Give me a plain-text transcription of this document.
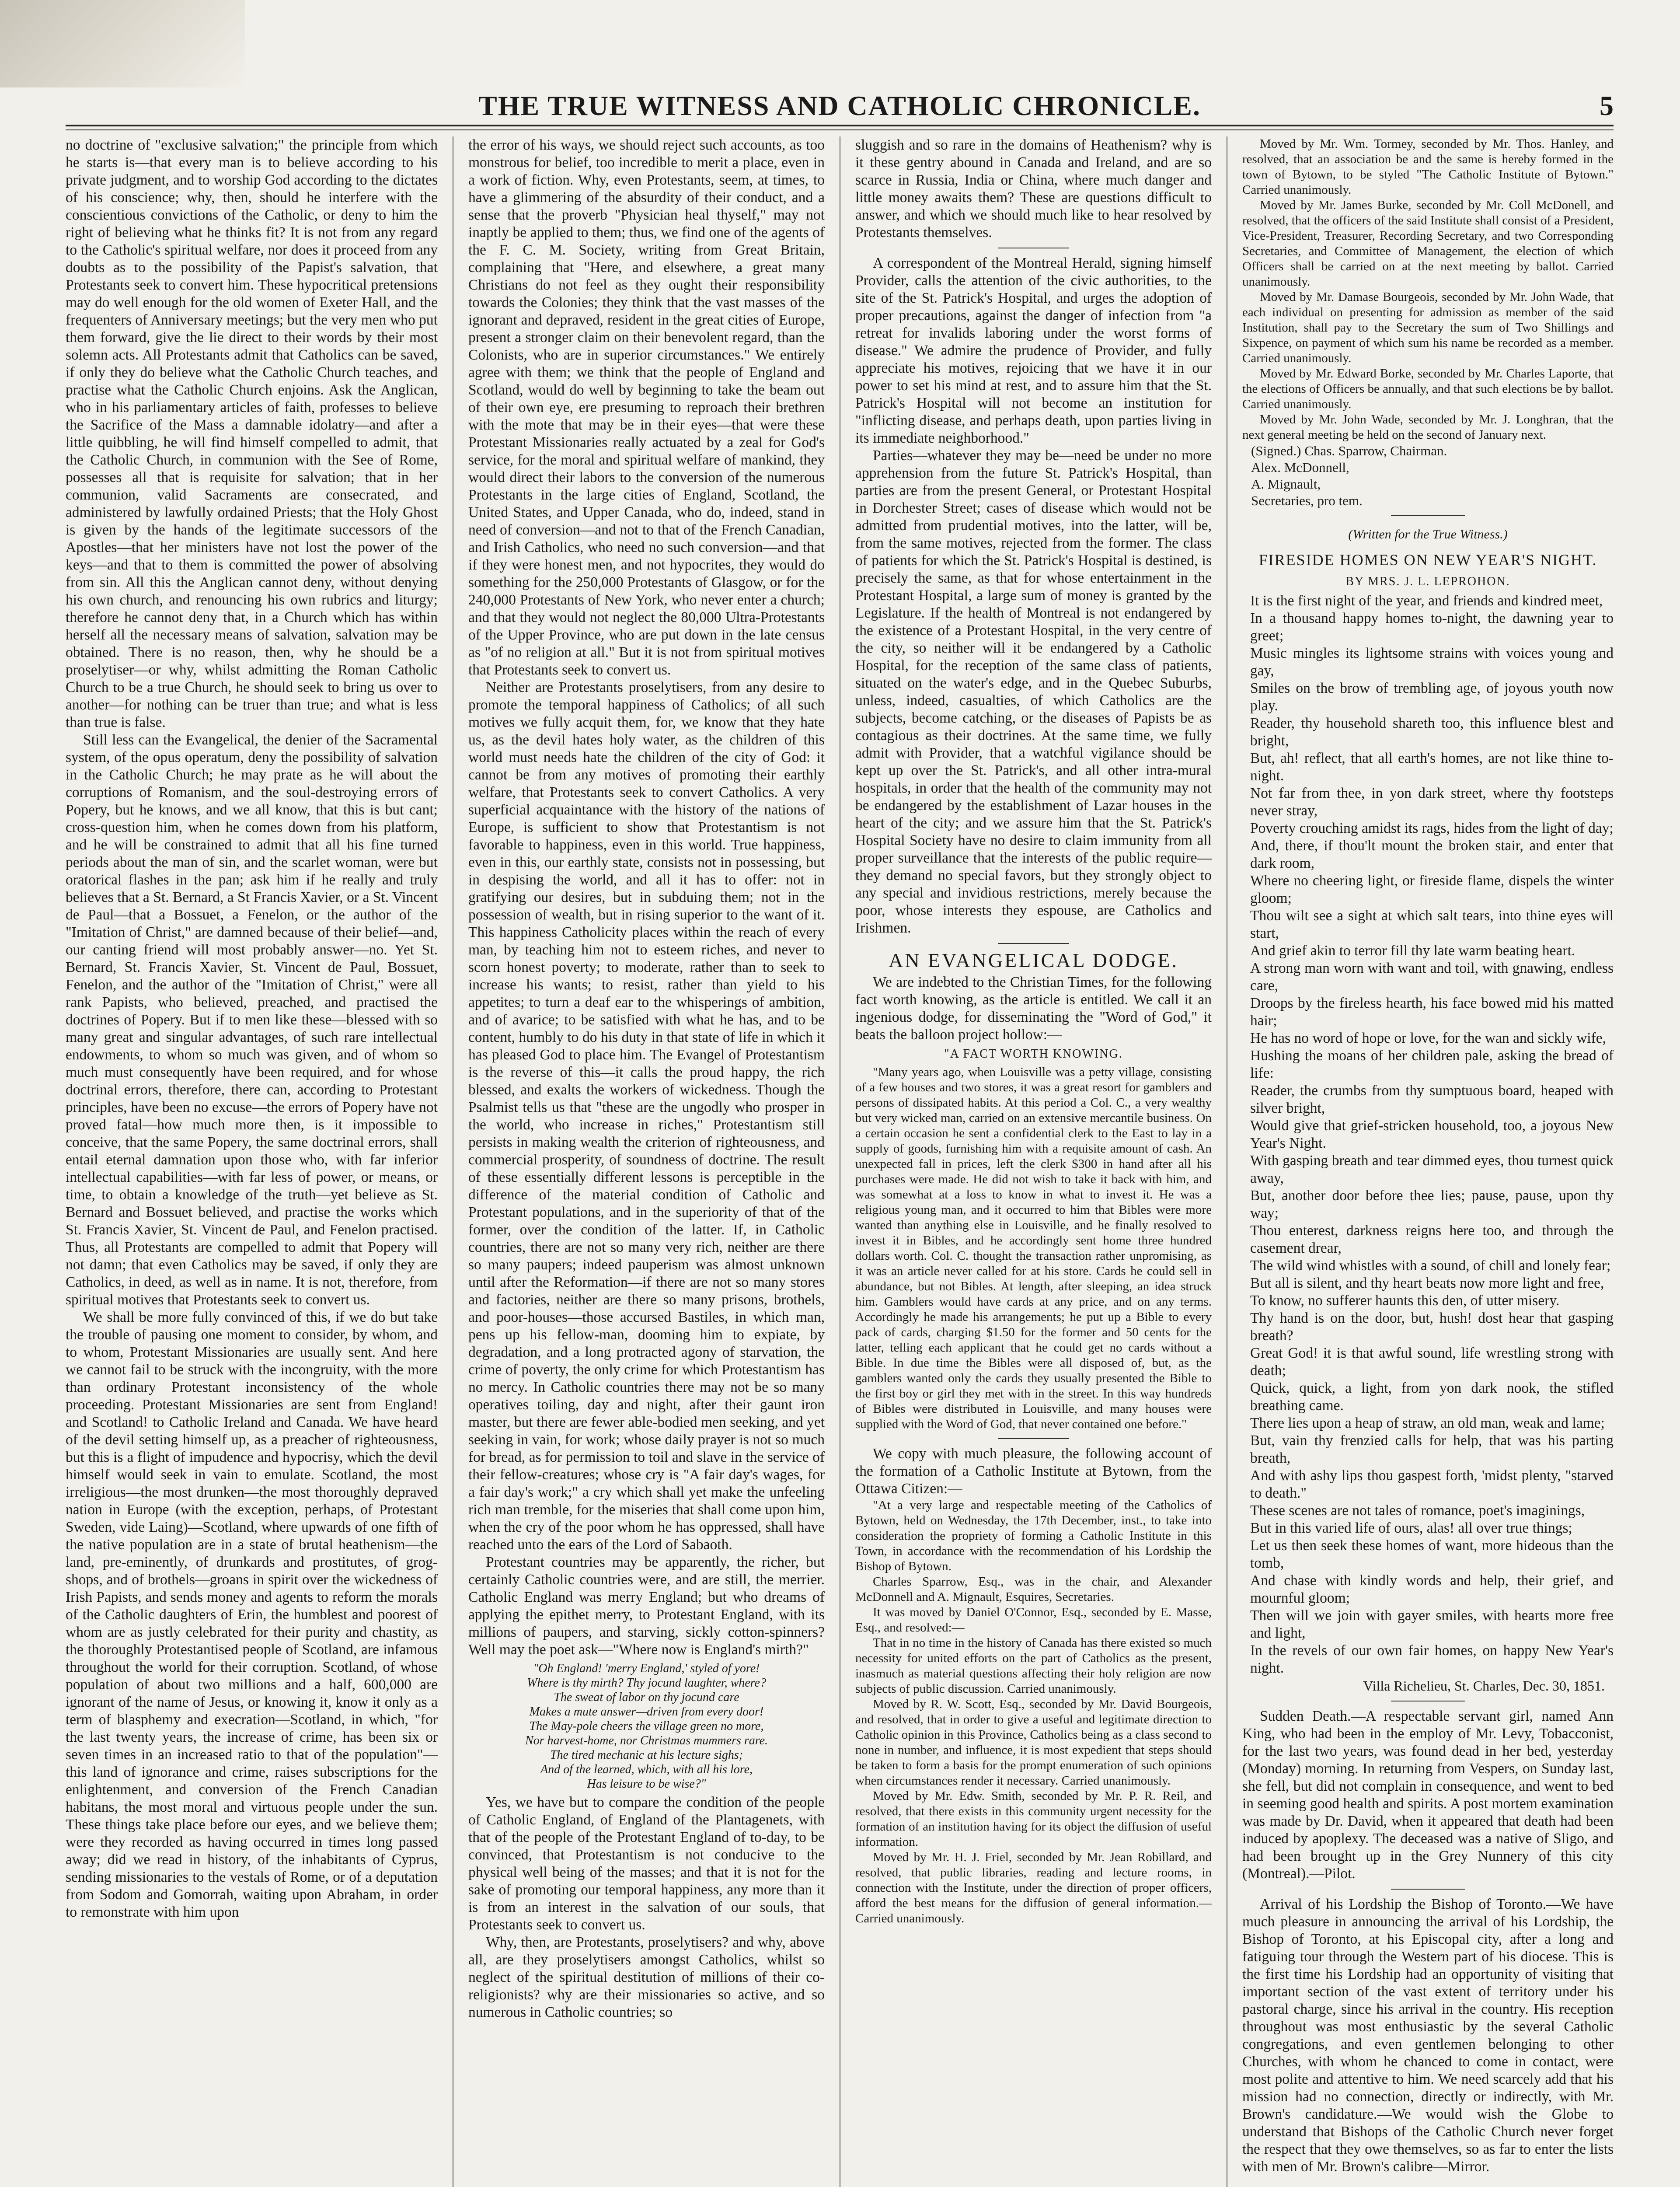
THE TRUE WITNESS AND CATHOLIC CHRONICLE.	5

no doctrine of "exclusive salvation;" the principle from which he starts is—that every man is to believe according to his private judgment, and to worship God according to the dictates of his conscience; why, then, should he interfere with the conscientious convictions of the Catholic, or deny to him the right of believing what he thinks fit? It is not from any regard to the Catholic's spiritual welfare, nor does it proceed from any doubts as to the possibility of the Papist's salvation, that Protestants seek to convert him. These hypocritical pretensions may do well enough for the old women of Exeter Hall, and the frequenters of Anniversary meetings; but the very men who put them forward, give the lie direct to their words by their most solemn acts. All Protestants admit that Catholics can be saved, if only they do believe what the Catholic Church teaches, and practise what the Catholic Church enjoins. Ask the Anglican, who in his parliamentary articles of faith, professes to believe the Sacrifice of the Mass a damnable idolatry—and after a little quibbling, he will find himself compelled to admit, that the Catholic Church, in communion with the See of Rome, possesses all that is requisite for salvation; that in her communion, valid Sacraments are consecrated, and administered by lawfully ordained Priests; that the Holy Ghost is given by the hands of the legitimate successors of the Apostles—that her ministers have not lost the power of the keys—and that to them is committed the power of absolving from sin. All this the Anglican cannot deny, without denying his own church, and renouncing his own rubrics and liturgy; therefore he cannot deny that, in a Church which has within herself all the necessary means of salvation, salvation may be obtained. There is no reason, then, why he should be a proselytiser—or why, whilst admitting the Roman Catholic Church to be a true Church, he should seek to bring us over to another—for nothing can be truer than true; and what is less than true is false.

Still less can the Evangelical, the denier of the Sacramental system, of the opus operatum, deny the possibility of salvation in the Catholic Church; he may prate as he will about the corruptions of Romanism, and the soul-destroying errors of Popery, but he knows, and we all know, that this is but cant; cross-question him, when he comes down from his platform, and he will be constrained to admit that all his fine turned periods about the man of sin, and the scarlet woman, were but oratorical flashes in the pan; ask him if he really and truly believes that a St. Bernard, a St Francis Xavier, or a St. Vincent de Paul—that a Bossuet, a Fenelon, or the author of the "Imitation of Christ," are damned because of their belief—and, our canting friend will most probably answer—no. Yet St. Bernard, St. Francis Xavier, St. Vincent de Paul, Bossuet, Fenelon, and the author of the "Imitation of Christ," were all rank Papists, who believed, preached, and practised the doctrines of Popery. But if to men like these—blessed with so many great and singular advantages, of such rare intellectual endowments, to whom so much was given, and of whom so much must consequently have been required, and for whose doctrinal errors, therefore, there can, according to Protestant principles, have been no excuse—the errors of Popery have not proved fatal—how much more then, is it impossible to conceive, that the same Popery, the same doctrinal errors, shall entail eternal damnation upon those who, with far inferior intellectual capabilities—with far less of power, or means, or time, to obtain a knowledge of the truth—yet believe as St. Bernard and Bossuet believed, and practise the works which St. Francis Xavier, St. Vincent de Paul, and Fenelon practised. Thus, all Protestants are compelled to admit that Popery will not damn; that even Catholics may be saved, if only they are Catholics, in deed, as well as in name. It is not, therefore, from spiritual motives that Protestants seek to convert us.

We shall be more fully convinced of this, if we do but take the trouble of pausing one moment to consider, by whom, and to whom, Protestant Missionaries are usually sent. And here we cannot fail to be struck with the incongruity, with the more than ordinary Protestant inconsistency of the whole proceeding. Protestant Missionaries are sent from England! and Scotland! to Catholic Ireland and Canada. We have heard of the devil setting himself up, as a preacher of righteousness, but this is a flight of impudence and hypocrisy, which the devil himself would seek in vain to emulate. Scotland, the most irreligious—the most drunken—the most thoroughly depraved nation in Europe (with the exception, perhaps, of Protestant Sweden, vide Laing)—Scotland, where upwards of one fifth of the native population are in a state of brutal heathenism—the land, pre-eminently, of drunkards and prostitutes, of grog-shops, and of brothels—groans in spirit over the wickedness of Irish Papists, and sends money and agents to reform the morals of the Catholic daughters of Erin, the humblest and poorest of whom are as justly celebrated for their purity and chastity, as the thoroughly Protestantised people of Scotland, are infamous throughout the world for their corruption. Scotland, of whose population of about two millions and a half, 600,000 are ignorant of the name of Jesus, or knowing it, know it only as a term of blasphemy and execration—Scotland, in which, "for the last twenty years, the increase of crime, has been six or seven times in an increased ratio to that of the population"—this land of ignorance and crime, raises subscriptions for the enlightenment, and conversion of the French Canadian habitans, the most moral and virtuous people under the sun. These things take place before our eyes, and we believe them; were they recorded as having occurred in times long passed away; did we read in history, of the inhabitants of Cyprus, sending missionaries to the vestals of Rome, or of a deputation from Sodom and Gomorrah, waiting upon Abraham, in order to remonstrate with him upon

the error of his ways, we should reject such accounts, as too monstrous for belief, too incredible to merit a place, even in a work of fiction. Why, even Protestants, seem, at times, to have a glimmering of the absurdity of their conduct, and a sense that the proverb "Physician heal thyself," may not inaptly be applied to them; thus, we find one of the agents of the F. C. M. Society, writing from Great Britain, complaining that "Here, and elsewhere, a great many Christians do not feel as they ought their responsibility towards the Colonies; they think that the vast masses of the ignorant and depraved, resident in the great cities of Europe, present a stronger claim on their benevolent regard, than the Colonists, who are in superior circumstances." We entirely agree with them; we think that the people of England and Scotland, would do well by beginning to take the beam out of their own eye, ere presuming to reproach their brethren with the mote that may be in their eyes—that were these Protestant Missionaries really actuated by a zeal for God's service, for the moral and spiritual welfare of mankind, they would direct their labors to the conversion of the numerous Protestants in the large cities of England, Scotland, the United States, and Upper Canada, who do, indeed, stand in need of conversion—and not to that of the French Canadian, and Irish Catholics, who need no such conversion—and that if they were honest men, and not hypocrites, they would do something for the 250,000 Protestants of Glasgow, or for the 240,000 Protestants of New York, who never enter a church; and that they would not neglect the 80,000 Ultra-Protestants of the Upper Province, who are put down in the late census as "of no religion at all." But it is not from spiritual motives that Protestants seek to convert us.

Neither are Protestants proselytisers, from any desire to promote the temporal happiness of Catholics; of all such motives we fully acquit them, for, we know that they hate us, as the devil hates holy water, as the children of this world must needs hate the children of the city of God: it cannot be from any motives of promoting their earthly welfare, that Protestants seek to convert Catholics. A very superficial acquaintance with the history of the nations of Europe, is sufficient to show that Protestantism is not favorable to happiness, even in this world. True happiness, even in this, our earthly state, consists not in possessing, but in despising the world, and all it has to offer: not in gratifying our desires, but in subduing them; not in the possession of wealth, but in rising superior to the want of it. This happiness Catholicity places within the reach of every man, by teaching him not to esteem riches, and never to scorn honest poverty; to moderate, rather than to seek to increase his wants; to resist, rather than yield to his appetites; to turn a deaf ear to the whisperings of ambition, and of avarice; to be satisfied with what he has, and to be content, humbly to do his duty in that state of life in which it has pleased God to place him. The Evangel of Protestantism is the reverse of this—it calls the proud happy, the rich blessed, and exalts the workers of wickedness. Though the Psalmist tells us that "these are the ungodly who prosper in the world, who increase in riches," Protestantism still persists in making wealth the criterion of righteousness, and commercial prosperity, of soundness of doctrine. The result of these essentially different lessons is perceptible in the difference of the material condition of Catholic and Protestant populations, and in the superiority of that of the former, over the condition of the latter. If, in Catholic countries, there are not so many very rich, neither are there so many paupers; indeed pauperism was almost unknown until after the Reformation—if there are not so many stores and factories, neither are there so many prisons, brothels, and poor-houses—those accursed Bastiles, in which man, pens up his fellow-man, dooming him to expiate, by degradation, and a long protracted agony of starvation, the crime of poverty, the only crime for which Protestantism has no mercy. In Catholic countries there may not be so many operatives toiling, day and night, after their gaunt iron master, but there are fewer able-bodied men seeking, and yet seeking in vain, for work; whose daily prayer is not so much for bread, as for permission to toil and slave in the service of their fellow-creatures; whose cry is "A fair day's wages, for a fair day's work;" a cry which shall yet make the unfeeling rich man tremble, for the miseries that shall come upon him, when the cry of the poor whom he has oppressed, shall have reached unto the ears of the Lord of Sabaoth.

Protestant countries may be apparently, the richer, but certainly Catholic countries were, and are still, the merrier. Catholic England was merry England; but who dreams of applying the epithet merry, to Protestant England, with its millions of paupers, and starving, sickly cotton-spinners? Well may the poet ask—"Where now is England's mirth?"

"Oh England! 'merry England,' styled of yore!
Where is thy mirth? Thy jocund laughter, where?
The sweat of labor on thy jocund care
Makes a mute answer—driven from every door!
The May-pole cheers the village green no more,
Nor harvest-home, nor Christmas mummers rare.
The tired mechanic at his lecture sighs;
And of the learned, which, with all his lore,
Has leisure to be wise?"

Yes, we have but to compare the condition of the people of Catholic England, of England of the Plantagenets, with that of the people of the Protestant England of to-day, to be convinced, that Protestantism is not conducive to the physical well being of the masses; and that it is not for the sake of promoting our temporal happiness, any more than it is from an interest in the salvation of our souls, that Protestants seek to convert us.

Why, then, are Protestants, proselytisers? and why, above all, are they proselytisers amongst Catholics, whilst so neglect of the spiritual destitution of millions of their co-religionists? why are their missionaries so active, and so numerous in Catholic countries; so

sluggish and so rare in the domains of Heathenism? why is it these gentry abound in Canada and Ireland, and are so scarce in Russia, India or China, where much danger and little money awaits them? These are questions difficult to answer, and which we should much like to hear resolved by Protestants themselves.

A correspondent of the Montreal Herald, signing himself Provider, calls the attention of the civic authorities, to the site of the St. Patrick's Hospital, and urges the adoption of proper precautions, against the danger of infection from "a retreat for invalids laboring under the worst forms of disease." We admire the prudence of Provider, and fully appreciate his motives, rejoicing that we have it in our power to set his mind at rest, and to assure him that the St. Patrick's Hospital will not become an institution for "inflicting disease, and perhaps death, upon parties living in its immediate neighborhood."

Parties—whatever they may be—need be under no more apprehension from the future St. Patrick's Hospital, than parties are from the present General, or Protestant Hospital in Dorchester Street; cases of disease which would not be admitted from prudential motives, into the latter, will be, from the same motives, rejected from the former. The class of patients for which the St. Patrick's Hospital is destined, is precisely the same, as that for whose entertainment in the Protestant Hospital, a large sum of money is granted by the Legislature. If the health of Montreal is not endangered by the existence of a Protestant Hospital, in the very centre of the city, so neither will it be endangered by a Catholic Hospital, for the reception of the same class of patients, situated on the water's edge, and in the Quebec Suburbs, unless, indeed, casualties, of which Catholics are the subjects, become catching, or the diseases of Papists be as contagious as their doctrines. At the same time, we fully admit with Provider, that a watchful vigilance should be kept up over the St. Patrick's, and all other intra-mural hospitals, in order that the health of the community may not be endangered by the establishment of Lazar houses in the heart of the city; and we assure him that the St. Patrick's Hospital Society have no desire to claim immunity from all proper surveillance that the interests of the public require—they demand no special favors, but they strongly object to any special and invidious restrictions, merely because the poor, whose interests they espouse, are Catholics and Irishmen.

AN EVANGELICAL DODGE.

We are indebted to the Christian Times, for the following fact worth knowing, as the article is entitled. We call it an ingenious dodge, for disseminating the "Word of God," it beats the balloon project hollow:—

"A FACT WORTH KNOWING.

"Many years ago, when Louisville was a petty village, consisting of a few houses and two stores, it was a great resort for gamblers and persons of dissipated habits. At this period a Col. C., a very wealthy but very wicked man, carried on an extensive mercantile business. On a certain occasion he sent a confidential clerk to the East to lay in a supply of goods, furnishing him with a requisite amount of cash. An unexpected fall in prices, left the clerk $300 in hand after all his purchases were made. He did not wish to take it back with him, and was somewhat at a loss to know in what to invest it. He was a religious young man, and it occurred to him that Bibles were more wanted than anything else in Louisville, and he finally resolved to invest it in Bibles, and he accordingly sent home three hundred dollars worth. Col. C. thought the transaction rather unpromising, as it was an article never called for at his store. Cards he could sell in abundance, but not Bibles. At length, after sleeping, an idea struck him. Gamblers would have cards at any price, and on any terms. Accordingly he made his arrangements; he put up a Bible to every pack of cards, charging $1.50 for the former and 50 cents for the latter, telling each applicant that he could get no cards without a Bible. In due time the Bibles were all disposed of, but, as the gamblers wanted only the cards they usually presented the Bible to the first boy or girl they met with in the street. In this way hundreds of Bibles were distributed in Louisville, and many houses were supplied with the Word of God, that never contained one before."

We copy with much pleasure, the following account of the formation of a Catholic Institute at Bytown, from the Ottawa Citizen:—

"At a very large and respectable meeting of the Catholics of Bytown, held on Wednesday, the 17th December, inst., to take into consideration the propriety of forming a Catholic Institute in this Town, in accordance with the recommendation of his Lordship the Bishop of Bytown.

Charles Sparrow, Esq., was in the chair, and Alexander McDonnell and A. Mignault, Esquires, Secretaries.

It was moved by Daniel O'Connor, Esq., seconded by E. Masse, Esq., and resolved:—

That in no time in the history of Canada has there existed so much necessity for united efforts on the part of Catholics as the present, inasmuch as material questions affecting their holy religion are now subjects of public discussion. Carried unanimously.

Moved by R. W. Scott, Esq., seconded by Mr. David Bourgeois, and resolved, that in order to give a useful and legitimate direction to Catholic opinion in this Province, Catholics being as a class second to none in number, and influence, it is most expedient that steps should be taken to form a basis for the prompt enumeration of such opinions when circumstances render it necessary. Carried unanimously.

Moved by Mr. Edw. Smith, seconded by Mr. P. R. Reil, and resolved, that there exists in this community urgent necessity for the formation of an institution having for its object the diffusion of useful information.

Moved by Mr. H. J. Friel, seconded by Mr. Jean Robillard, and resolved, that public libraries, reading and lecture rooms, in connection with the Institute, under the direction of proper officers, afford the best means for the diffusion of general information.—Carried unanimously.

Moved by Mr. Wm. Tormey, seconded by Mr. Thos. Hanley, and resolved, that an association be and the same is hereby formed in the town of Bytown, to be styled "The Catholic Institute of Bytown." Carried unanimously.

Moved by Mr. James Burke, seconded by Mr. Coll McDonell, and resolved, that the officers of the said Institute shall consist of a President, Vice-President, Treasurer, Recording Secretary, and two Corresponding Secretaries, and Committee of Management, the election of which Officers shall be carried on at the next meeting by ballot. Carried unanimously.

Moved by Mr. Damase Bourgeois, seconded by Mr. John Wade, that each individual on presenting for admission as member of the said Institution, shall pay to the Secretary the sum of Two Shillings and Sixpence, on payment of which sum his name be recorded as a member. Carried unanimously.

Moved by Mr. Edward Borke, seconded by Mr. Charles Laporte, that the elections of Officers be annually, and that such elections be by ballot. Carried unanimously.

Moved by Mr. John Wade, seconded by Mr. J. Longhran, that the next general meeting be held on the second of January next.

(Signed.) Chas. Sparrow, Chairman.
Alex. McDonnell,
A. Mignault,
Secretaries, pro tem.
(Written for the True Witness.)
FIRESIDE HOMES ON NEW YEAR'S NIGHT.
BY MRS. J. L. LEPROHON.

It is the first night of the year, and friends and kindred meet,

In a thousand happy homes to-night, the dawning year to greet;

Music mingles its lightsome strains with voices young and gay,

Smiles on the brow of trembling age, of joyous youth now play.

Reader, thy household shareth too, this influence blest and bright,

But, ah! reflect, that all earth's homes, are not like thine to-night.

Not far from thee, in yon dark street, where thy footsteps never stray,

Poverty crouching amidst its rags, hides from the light of day;

And, there, if thou'lt mount the broken stair, and enter that dark room,

Where no cheering light, or fireside flame, dispels the winter gloom;

Thou wilt see a sight at which salt tears, into thine eyes will start,

And grief akin to terror fill thy late warm beating heart.

A strong man worn with want and toil, with gnawing, endless care,

Droops by the fireless hearth, his face bowed mid his matted hair;

He has no word of hope or love, for the wan and sickly wife,

Hushing the moans of her children pale, asking the bread of life:

Reader, the crumbs from thy sumptuous board, heaped with silver bright,

Would give that grief-stricken household, too, a joyous New Year's Night.

With gasping breath and tear dimmed eyes, thou turnest quick away,

But, another door before thee lies; pause, pause, upon thy way;

Thou enterest, darkness reigns here too, and through the casement drear,

The wild wind whistles with a sound, of chill and lonely fear;

But all is silent, and thy heart beats now more light and free,

To know, no sufferer haunts this den, of utter misery.

Thy hand is on the door, but, hush! dost hear that gasping breath?

Great God! it is that awful sound, life wrestling strong with death;

Quick, quick, a light, from yon dark nook, the stifled breathing came.

There lies upon a heap of straw, an old man, weak and lame;

But, vain thy frenzied calls for help, that was his parting breath,

And with ashy lips thou gaspest forth, 'midst plenty, "starved to death."

These scenes are not tales of romance, poet's imaginings,

But in this varied life of ours, alas! all over true things;

Let us then seek these homes of want, more hideous than the tomb,

And chase with kindly words and help, their grief, and mournful gloom;

Then will we join with gayer smiles, with hearts more free and light,

In the revels of our own fair homes, on happy New Year's night.

Villa Richelieu, St. Charles, Dec. 30, 1851.

Sudden Death.—A respectable servant girl, named Ann King, who had been in the employ of Mr. Levy, Tobacconist, for the last two years, was found dead in her bed, yesterday (Monday) morning. In returning from Vespers, on Sunday last, she fell, but did not complain in consequence, and went to bed in seeming good health and spirits. A post mortem examination was made by Dr. David, when it appeared that death had been induced by apoplexy. The deceased was a native of Sligo, and had been brought up in the Grey Nunnery of this city (Montreal).—Pilot.

Arrival of his Lordship the Bishop of Toronto.—We have much pleasure in announcing the arrival of his Lordship, the Bishop of Toronto, at his Episcopal city, after a long and fatiguing tour through the Western part of his diocese. This is the first time his Lordship had an opportunity of visiting that important section of the vast extent of territory under his pastoral charge, since his arrival in the country. His reception throughout was most enthusiastic by the several Catholic congregations, and even gentlemen belonging to other Churches, with whom he chanced to come in contact, were most polite and attentive to him. We need scarcely add that his mission had no connection, directly or indirectly, with Mr. Brown's candidature.—We would wish the Globe to understand that Bishops of the Catholic Church never forget the respect that they owe themselves, so as far to enter the lists with men of Mr. Brown's calibre—Mirror.
